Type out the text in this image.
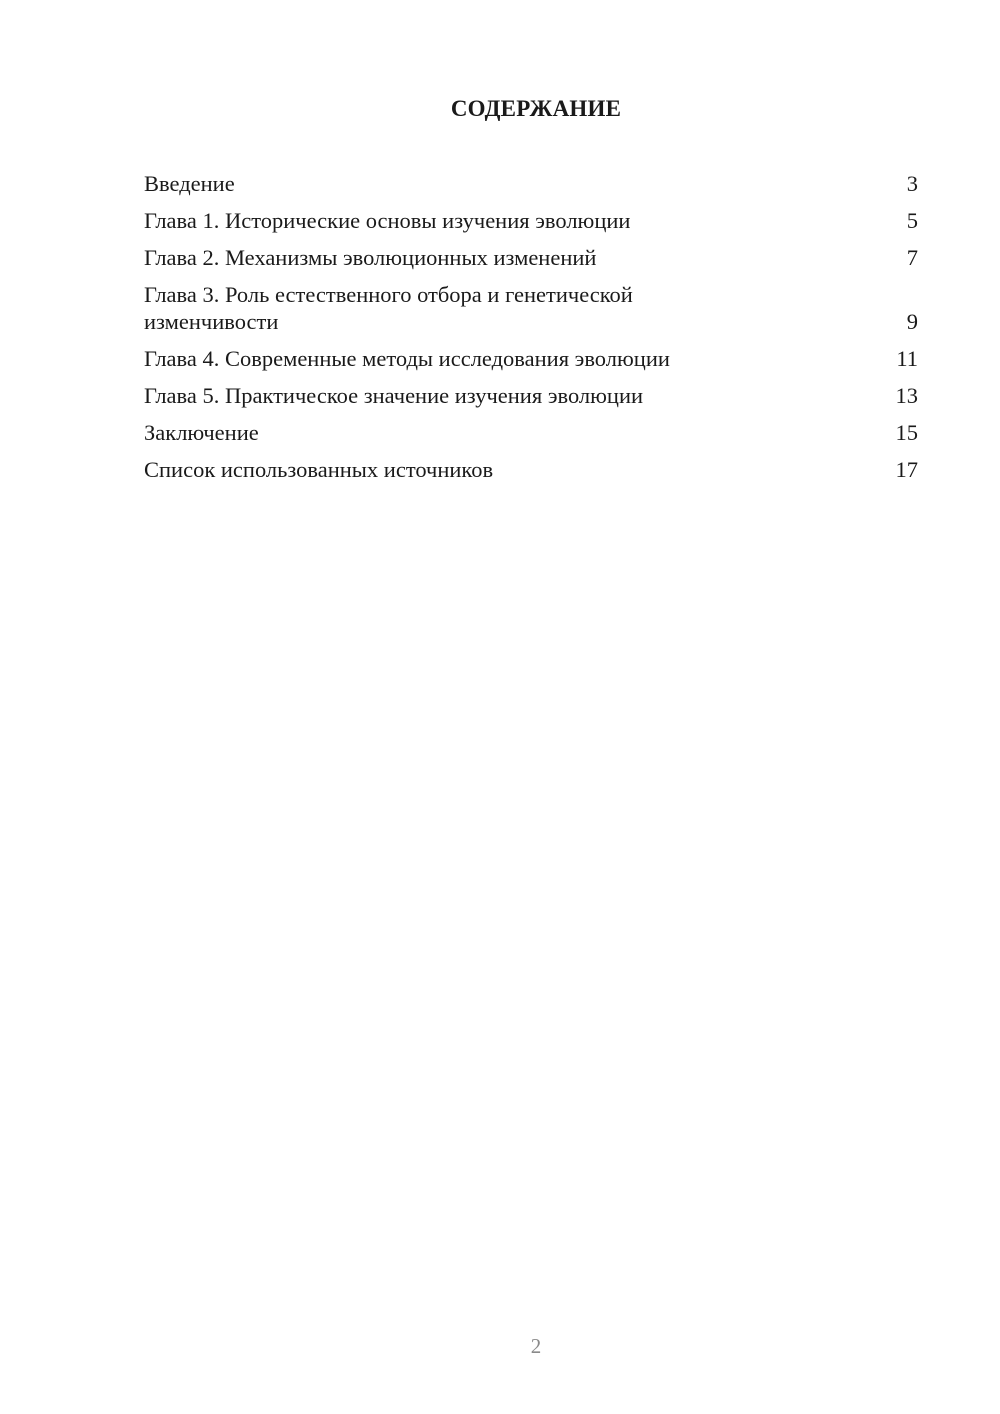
СОДЕРЖАНИЕ
Введение	3
Глава 1. Исторические основы изучения эволюции	5
Глава 2. Механизмы эволюционных изменений	7
Глава 3. Роль естественного отбора и генетической изменчивости	9
Глава 4. Современные методы исследования эволюции	11
Глава 5. Практическое значение изучения эволюции	13
Заключение	15
Список использованных источников	17
2
